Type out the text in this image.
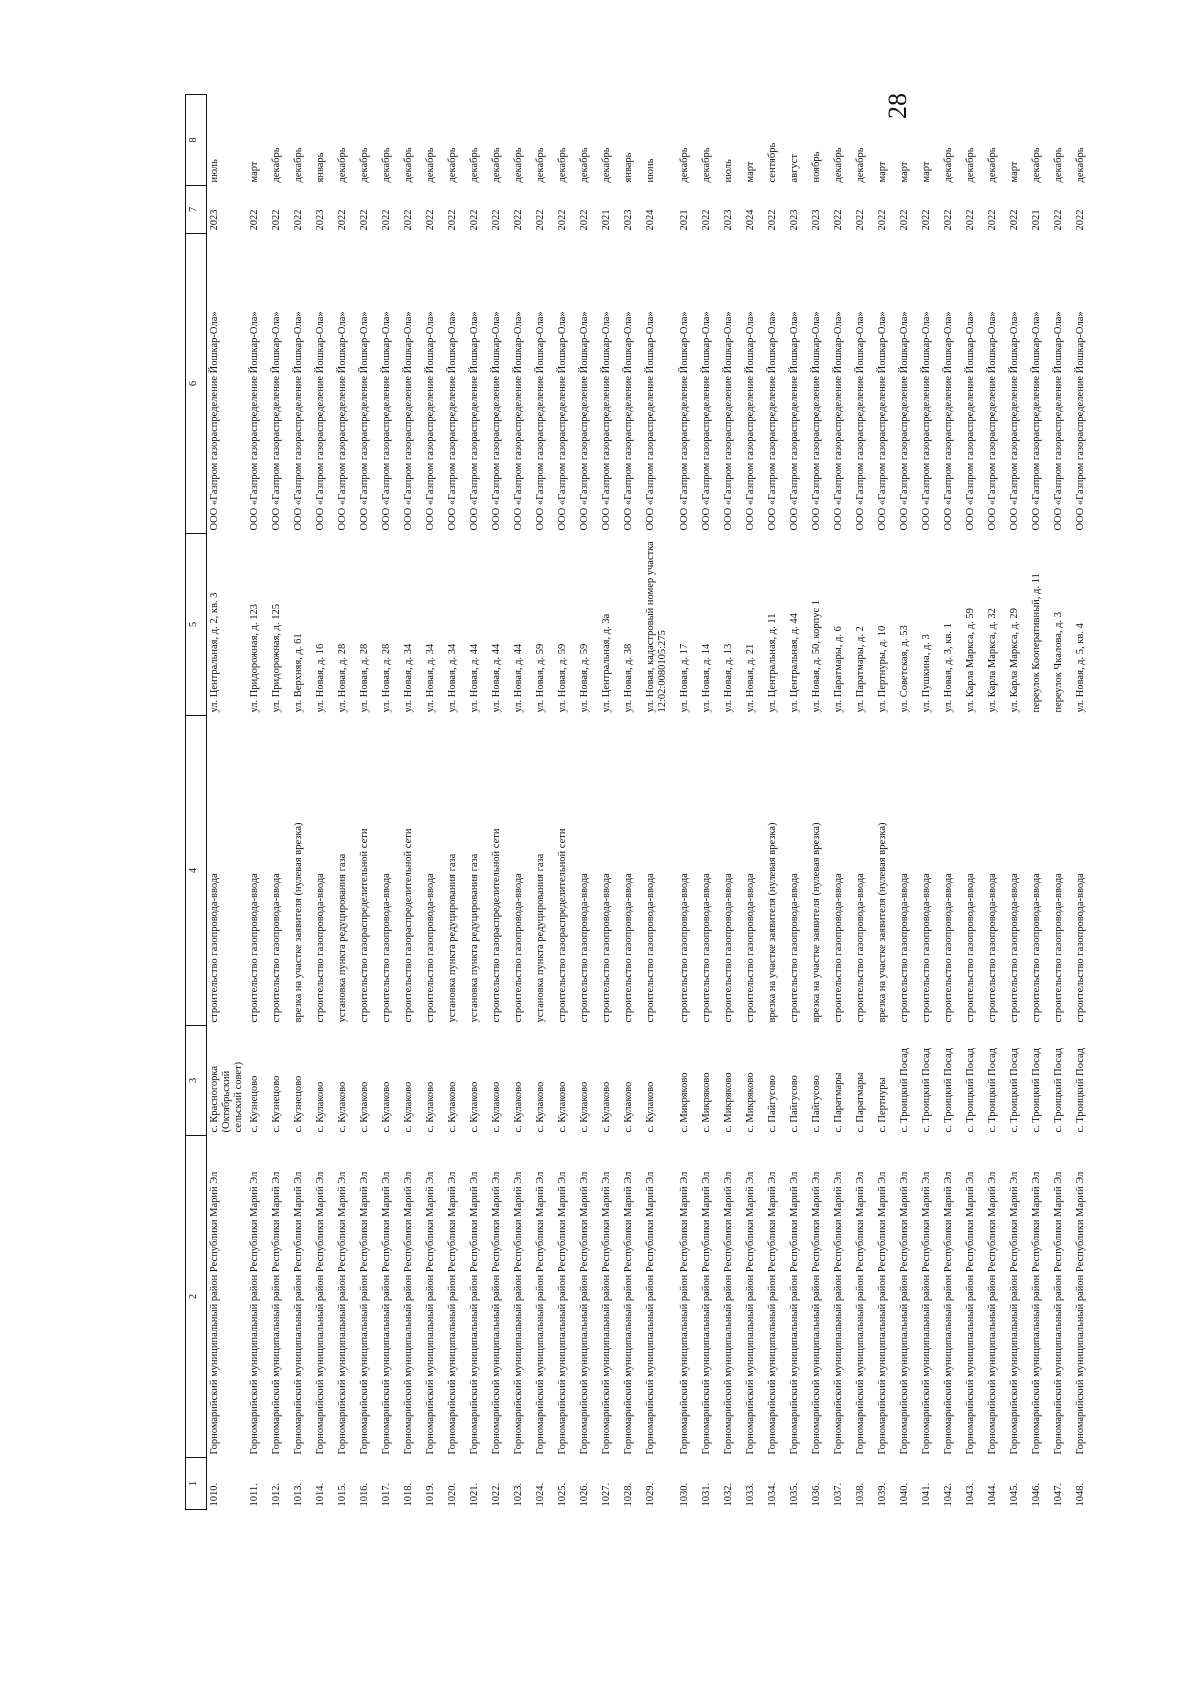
28
1	2	3	4	5	6	7	8
1010.	Горномарийский муниципальный район Республики Марий Эл	с. Красногорка (Октябрьский сельский совет)	строительство газопровода-ввода	ул. Центральная, д. 2, кв. 3	ООО «Газпром газораспределение Йошкар-Ола»	2023	июль
1011.	Горномарийский муниципальный район Республики Марий Эл	с. Кузнецово	строительство газопровода-ввода	ул. Придорожная, д. 123	ООО «Газпром газораспределение Йошкар-Ола»	2022	март
1012.	Горномарийский муниципальный район Республики Марий Эл	с. Кузнецово	строительство газопровода-ввода	ул. Придорожная, д. 125	ООО «Газпром газораспределение Йошкар-Ола»	2022	декабрь
1013.	Горномарийский муниципальный район Республики Марий Эл	с. Кузнецово	врезка на участке заявителя (нулевая врезка)	ул. Верхняя, д. 61	ООО «Газпром газораспределение Йошкар-Ола»	2022	декабрь
1014.	Горномарийский муниципальный район Республики Марий Эл	с. Кулаково	строительство газопровода-ввода	ул. Новая, д. 16	ООО «Газпром газораспределение Йошкар-Ола»	2023	январь
1015.	Горномарийский муниципальный район Республики Марий Эл	с. Кулаково	установка пункта редуцирования газа	ул. Новая, д. 28	ООО «Газпром газораспределение Йошкар-Ола»	2022	декабрь
1016.	Горномарийский муниципальный район Республики Марий Эл	с. Кулаково	строительство газораспределительной сети	ул. Новая, д. 28	ООО «Газпром газораспределение Йошкар-Ола»	2022	декабрь
1017.	Горномарийский муниципальный район Республики Марий Эл	с. Кулаково	строительство газопровода-ввода	ул. Новая, д. 28	ООО «Газпром газораспределение Йошкар-Ола»	2022	декабрь
1018.	Горномарийский муниципальный район Республики Марий Эл	с. Кулаково	строительство газораспределительной сети	ул. Новая, д. 34	ООО «Газпром газораспределение Йошкар-Ола»	2022	декабрь
1019.	Горномарийский муниципальный район Республики Марий Эл	с. Кулаково	строительство газопровода-ввода	ул. Новая, д. 34	ООО «Газпром газораспределение Йошкар-Ола»	2022	декабрь
1020.	Горномарийский муниципальный район Республики Марий Эл	с. Кулаково	установка пункта редуцирования газа	ул. Новая, д. 34	ООО «Газпром газораспределение Йошкар-Ола»	2022	декабрь
1021.	Горномарийский муниципальный район Республики Марий Эл	с. Кулаково	установка пункта редуцирования газа	ул. Новая, д. 44	ООО «Газпром газораспределение Йошкар-Ола»	2022	декабрь
1022.	Горномарийский муниципальный район Республики Марий Эл	с. Кулаково	строительство газораспределительной сети	ул. Новая, д. 44	ООО «Газпром газораспределение Йошкар-Ола»	2022	декабрь
1023.	Горномарийский муниципальный район Республики Марий Эл	с. Кулаково	строительство газопровода-ввода	ул. Новая, д. 44	ООО «Газпром газораспределение Йошкар-Ола»	2022	декабрь
1024.	Горномарийский муниципальный район Республики Марий Эл	с. Кулаково	установка пункта редуцирования газа	ул. Новая, д. 59	ООО «Газпром газораспределение Йошкар-Ола»	2022	декабрь
1025.	Горномарийский муниципальный район Республики Марий Эл	с. Кулаково	строительство газораспределительной сети	ул. Новая, д. 59	ООО «Газпром газораспределение Йошкар-Ола»	2022	декабрь
1026.	Горномарийский муниципальный район Республики Марий Эл	с. Кулаково	строительство газопровода-ввода	ул. Новая, д. 59	ООО «Газпром газораспределение Йошкар-Ола»	2022	декабрь
1027.	Горномарийский муниципальный район Республики Марий Эл	с. Кулаково	строительство газопровода-ввода	ул. Центральная, д. 3а	ООО «Газпром газораспределение Йошкар-Ола»	2021	декабрь
1028.	Горномарийский муниципальный район Республики Марий Эл	с. Кулаково	строительство газопровода-ввода	ул. Новая, д. 38	ООО «Газпром газораспределение Йошкар-Ола»	2023	январь
1029.	Горномарийский муниципальный район Республики Марий Эл	с. Кулаково	строительство газопровода-ввода	ул. Новая, кадастровый номер участка 12:02:0080105:275	ООО «Газпром газораспределение Йошкар-Ола»	2024	июнь
1030.	Горномарийский муниципальный район Республики Марий Эл	с. Микряково	строительство газопровода-ввода	ул. Новая, д. 17	ООО «Газпром газораспределение Йошкар-Ола»	2021	декабрь
1031.	Горномарийский муниципальный район Республики Марий Эл	с. Микряково	строительство газопровода-ввода	ул. Новая, д. 14	ООО «Газпром газораспределение Йошкар-Ола»	2022	декабрь
1032.	Горномарийский муниципальный район Республики Марий Эл	с. Микряково	строительство газопровода-ввода	ул. Новая, д. 13	ООО «Газпром газораспределение Йошкар-Ола»	2023	июль
1033.	Горномарийский муниципальный район Республики Марий Эл	с. Микряково	строительство газопровода-ввода	ул. Новая, д. 21	ООО «Газпром газораспределение Йошкар-Ола»	2024	март
1034.	Горномарийский муниципальный район Республики Марий Эл	с. Пайгусово	врезка на участке заявителя (нулевая врезка)	ул. Центральная, д. 11	ООО «Газпром газораспределение Йошкар-Ола»	2022	сентябрь
1035.	Горномарийский муниципальный район Республики Марий Эл	с. Пайгусово	строительство газопровода-ввода	ул. Центральная, д. 44	ООО «Газпром газораспределение Йошкар-Ола»	2023	август
1036.	Горномарийский муниципальный район Республики Марий Эл	с. Пайгусово	врезка на участке заявителя (нулевая врезка)	ул. Новая, д. 50, корпус 1	ООО «Газпром газораспределение Йошкар-Ола»	2023	ноябрь
1037.	Горномарийский муниципальный район Республики Марий Эл	с. Паратмары	строительство газопровода-ввода	ул. Паратмары, д. 6	ООО «Газпром газораспределение Йошкар-Ола»	2022	декабрь
1038.	Горномарийский муниципальный район Республики Марий Эл	с. Паратмары	строительство газопровода-ввода	ул. Паратмары, д. 2	ООО «Газпром газораспределение Йошкар-Ола»	2022	декабрь
1039.	Горномарийский муниципальный район Республики Марий Эл	с. Пертнуры	врезка на участке заявителя (нулевая врезка)	ул. Пертнуры, д. 10	ООО «Газпром газораспределение Йошкар-Ола»	2022	март
1040.	Горномарийский муниципальный район Республики Марий Эл	с. Троицкий Посад	строительство газопровода-ввода	ул. Советская, д. 53	ООО «Газпром газораспределение Йошкар-Ола»	2022	март
1041.	Горномарийский муниципальный район Республики Марий Эл	с. Троицкий Посад	строительство газопровода-ввода	ул. Пушкина, д. 3	ООО «Газпром газораспределение Йошкар-Ола»	2022	март
1042.	Горномарийский муниципальный район Республики Марий Эл	с. Троицкий Посад	строительство газопровода-ввода	ул. Новая, д. 3, кв. 1	ООО «Газпром газораспределение Йошкар-Ола»	2022	декабрь
1043.	Горномарийский муниципальный район Республики Марий Эл	с. Троицкий Посад	строительство газопровода-ввода	ул. Карла Маркса, д. 59	ООО «Газпром газораспределение Йошкар-Ола»	2022	декабрь
1044.	Горномарийский муниципальный район Республики Марий Эл	с. Троицкий Посад	строительство газопровода-ввода	ул. Карла Маркса, д. 32	ООО «Газпром газораспределение Йошкар-Ола»	2022	декабрь
1045.	Горномарийский муниципальный район Республики Марий Эл	с. Троицкий Посад	строительство газопровода-ввода	ул. Карла Маркса, д. 29	ООО «Газпром газораспределение Йошкар-Ола»	2022	март
1046.	Горномарийский муниципальный район Республики Марий Эл	с. Троицкий Посад	строительство газопровода-ввода	переулок Кооперативный, д. 11	ООО «Газпром газораспределение Йошкар-Ола»	2021	декабрь
1047.	Горномарийский муниципальный район Республики Марий Эл	с. Троицкий Посад	строительство газопровода-ввода	переулок Чкалова, д. 3	ООО «Газпром газораспределение Йошкар-Ола»	2022	декабрь
1048.	Горномарийский муниципальный район Республики Марий Эл	с. Троицкий Посад	строительство газопровода-ввода	ул. Новая, д. 5, кв. 4	ООО «Газпром газораспределение Йошкар-Ола»	2022	декабрь
